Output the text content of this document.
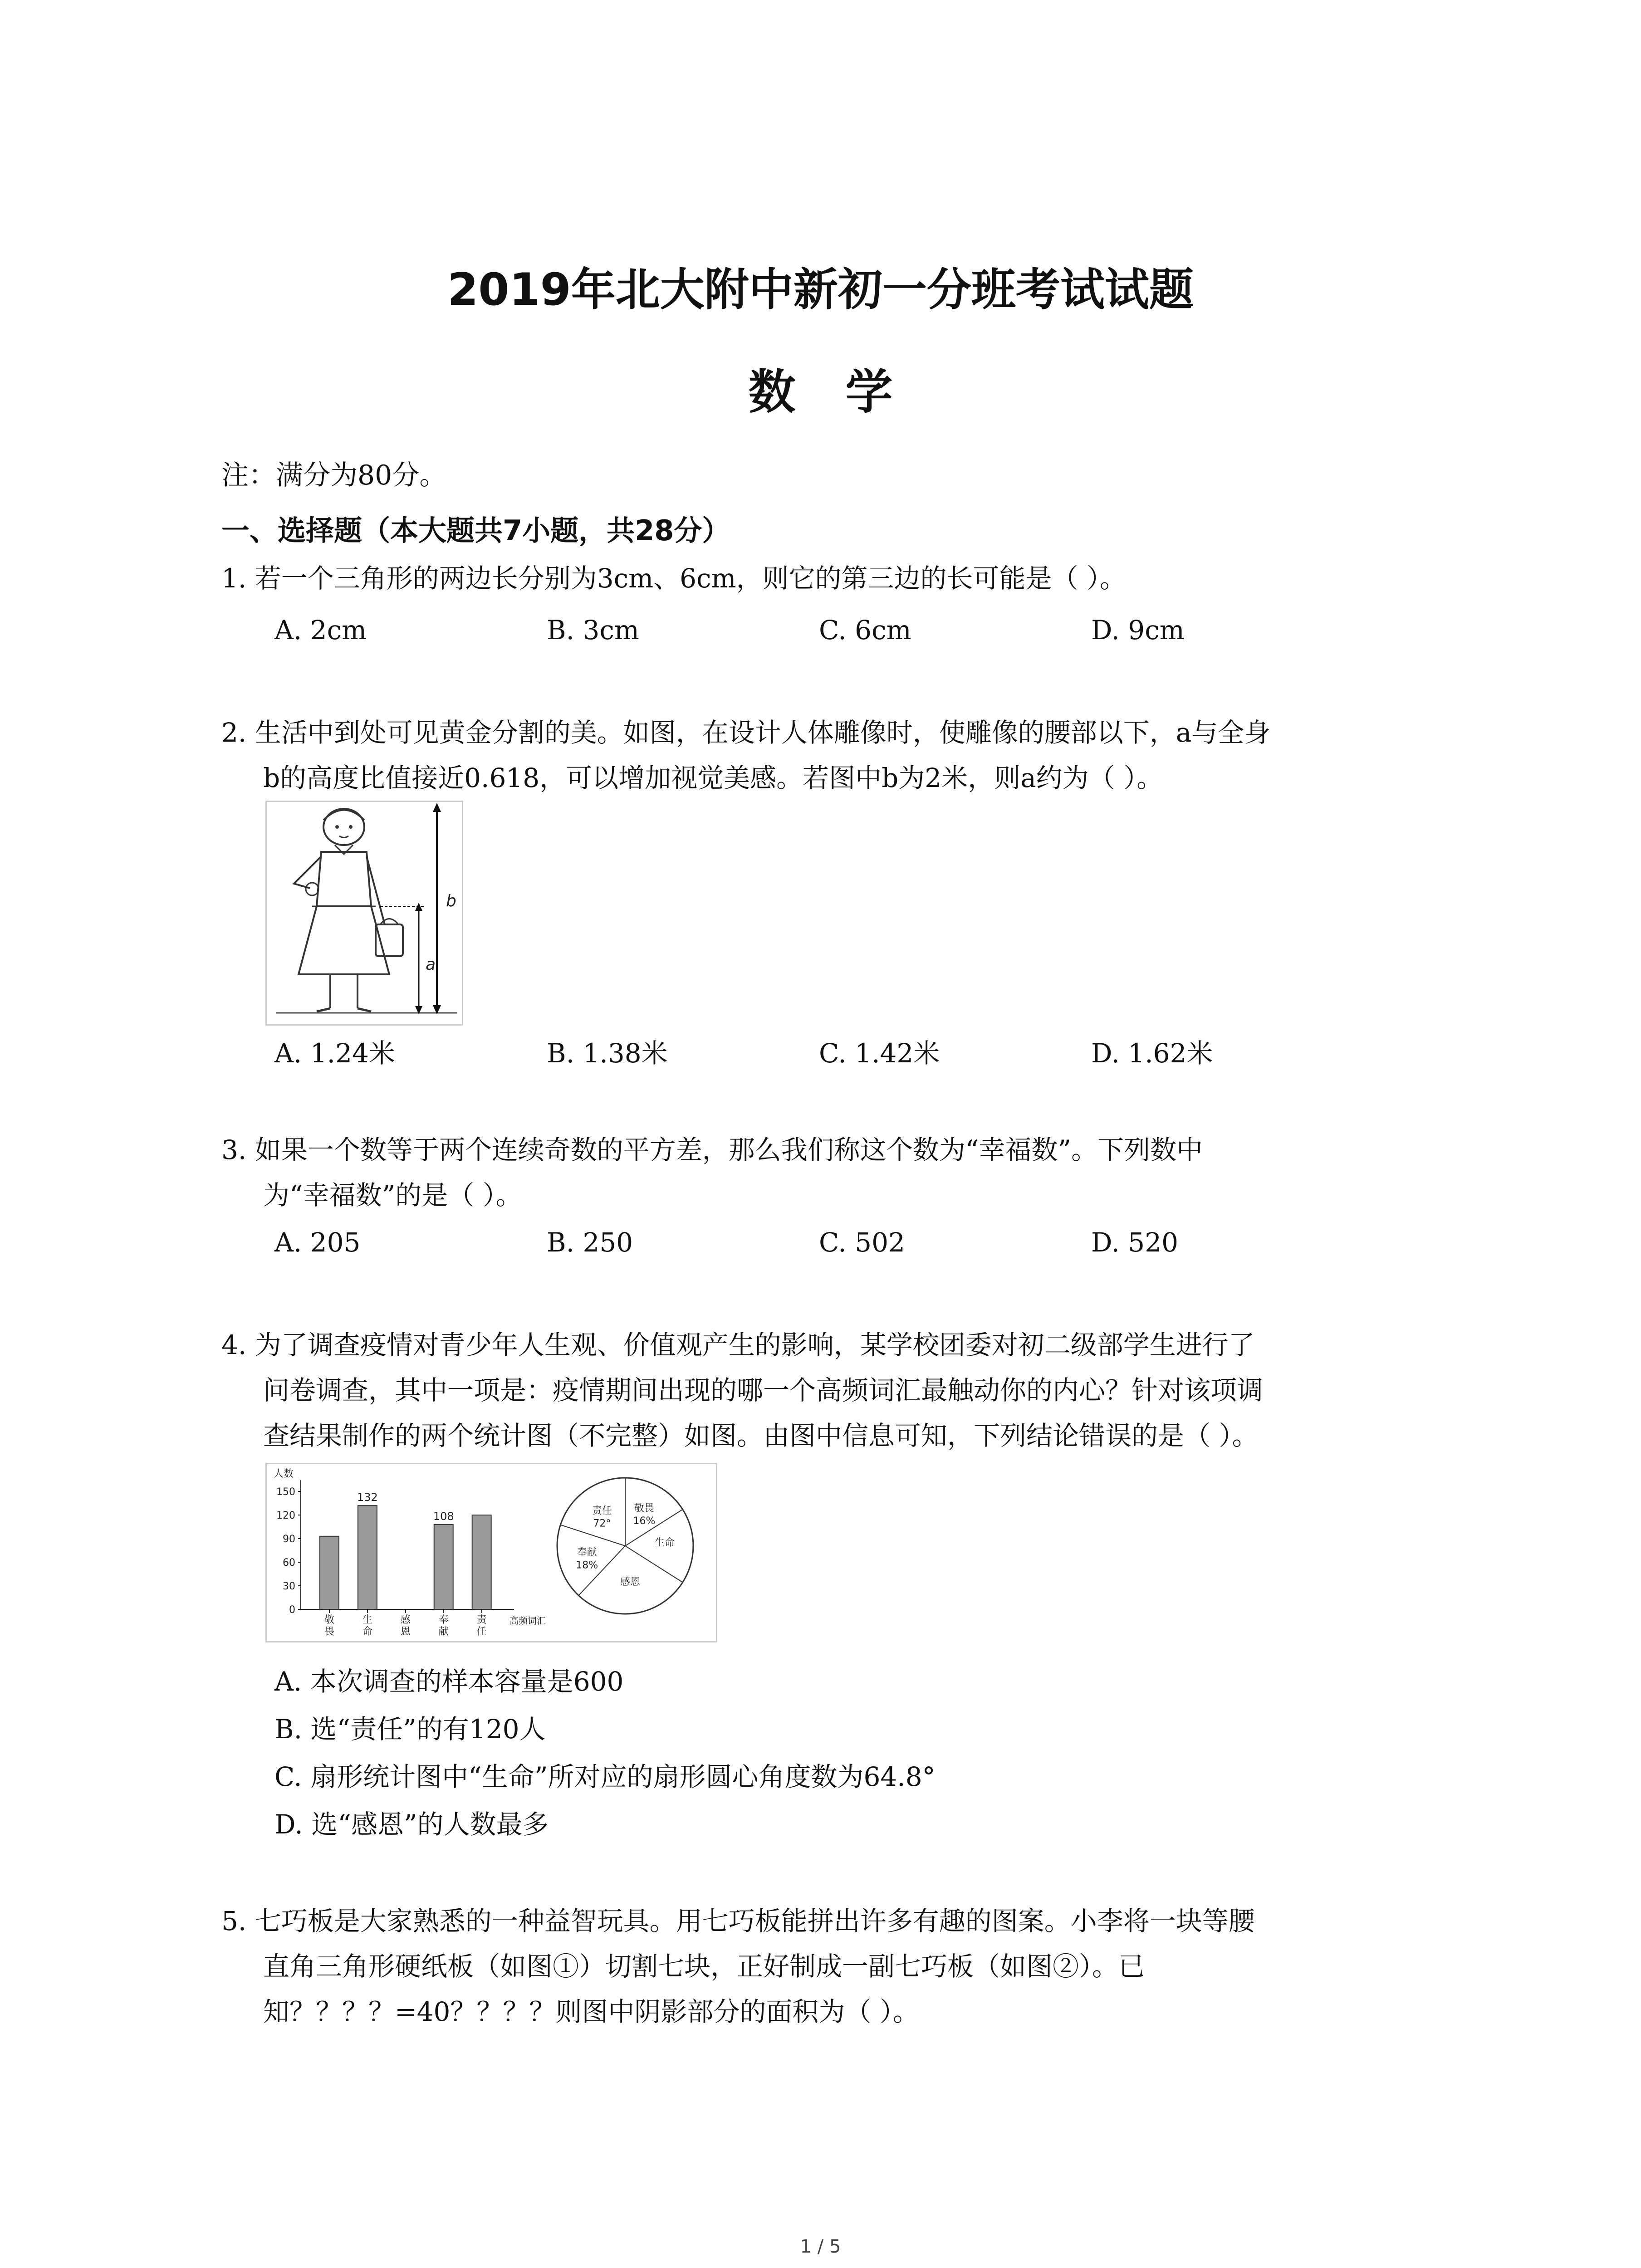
2019年北大附中新初一分班考试试题
数学
注：满分为80分。
一、选择题（本大题共7小题，共28分）
1. 若一个三角形的两边长分别为3cm、6cm，则它的第三边的长可能是（ ）。
A. 2cm	B. 3cm	C. 6cm	D. 9cm
2. 生活中到处可见黄金分割的美。如图，在设计人体雕像时，使雕像的腰部以下，a与全身
b的高度比值接近0.618，可以增加视觉美感。若图中b为2米，则a约为（ ）。
b
a
A. 1.24米	B. 1.38米	C. 1.42米	D. 1.62米
3. 如果一个数等于两个连续奇数的平方差，那么我们称这个数为“幸福数”。下列数中
为“幸福数”的是（ ）。
A. 205	B. 250	C. 502	D. 520
4. 为了调查疫情对青少年人生观、价值观产生的影响，某学校团委对初二级部学生进行了
问卷调查，其中一项是：疫情期间出现的哪一个高频词汇最触动你的内心？针对该项调
查结果制作的两个统计图（不完整）如图。由图中信息可知，下列结论错误的是（ ）。
人数
0
30
60
90
120
150
敬
畏
132
生
命
感
恩
108
奉
献
责
任
高频词汇
责任
72°
敬畏
16%
生命
感恩
奉献
18%
A. 本次调查的样本容量是600
B. 选“责任”的有120人
C. 扇形统计图中“生命”所对应的扇形圆心角度数为64.8°
D. 选“感恩”的人数最多
5. 七巧板是大家熟悉的一种益智玩具。用七巧板能拼出许多有趣的图案。小李将一块等腰
直角三角形硬纸板（如图①）切割七块，正好制成一副七巧板（如图②）。已
知？？？？=40？？？？则图中阴影部分的面积为（ ）。
1 / 5
